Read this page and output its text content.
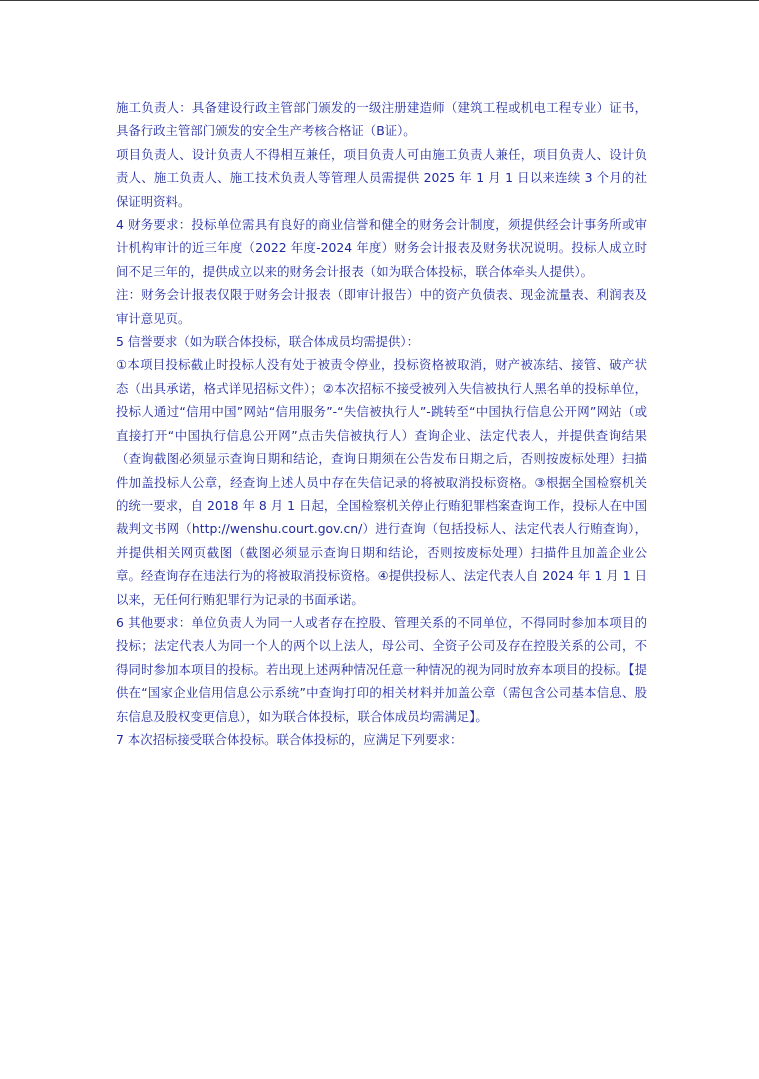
施工负责人：具备建设行政主管部门颁发的一级注册建造师（建筑工程或机电工程专业）证书，具备行政主管部门颁发的安全生产考核合格证（B证）。

项目负责人、设计负责人不得相互兼任，项目负责人可由施工负责人兼任，项目负责人、设计负责人、施工负责人、施工技术负责人等管理人员需提供 2025 年 1 月 1 日以来连续 3 个月的社保证明资料。

4 财务要求：投标单位需具有良好的商业信誉和健全的财务会计制度，须提供经会计事务所或审计机构审计的近三年度（2022 年度-2024 年度）财务会计报表及财务状况说明。投标人成立时间不足三年的，提供成立以来的财务会计报表（如为联合体投标，联合体牵头人提供）。

注：财务会计报表仅限于财务会计报表（即审计报告）中的资产负债表、现金流量表、利润表及审计意见页。

5 信誉要求（如为联合体投标，联合体成员均需提供）：

①本项目投标截止时投标人没有处于被责令停业，投标资格被取消，财产被冻结、接管、破产状态（出具承诺，格式详见招标文件）；②本次招标不接受被列入失信被执行人黑名单的投标单位，投标人通过“信用中国”网站“信用服务”-“失信被执行人”-跳转至“中国执行信息公开网”网站（或直接打开“中国执行信息公开网”点击失信被执行人）查询企业、法定代表人，并提供查询结果（查询截图必须显示查询日期和结论，查询日期须在公告发布日期之后，否则按废标处理）扫描件加盖投标人公章，经查询上述人员中存在失信记录的将被取消投标资格。③根据全国检察机关的统一要求，自 2018 年 8 月 1 日起，全国检察机关停止行贿犯罪档案查询工作，投标人在中国裁判文书网（http://wenshu.court.gov.cn/）进行查询（包括投标人、法定代表人行贿查询），并提供相关网页截图（截图必须显示查询日期和结论，否则按废标处理）扫描件且加盖企业公章。经查询存在违法行为的将被取消投标资格。④提供投标人、法定代表人自 2024 年 1 月 1 日以来，无任何行贿犯罪行为记录的书面承诺。

6 其他要求：单位负责人为同一人或者存在控股、管理关系的不同单位，不得同时参加本项目的投标；法定代表人为同一个人的两个以上法人，母公司、全资子公司及存在控股关系的公司，不得同时参加本项目的投标。若出现上述两种情况任意一种情况的视为同时放弃本项目的投标。【提供在“国家企业信用信息公示系统”中查询打印的相关材料并加盖公章（需包含公司基本信息、股东信息及股权变更信息），如为联合体投标，联合体成员均需满足】。

7 本次招标接受联合体投标。联合体投标的，应满足下列要求：
